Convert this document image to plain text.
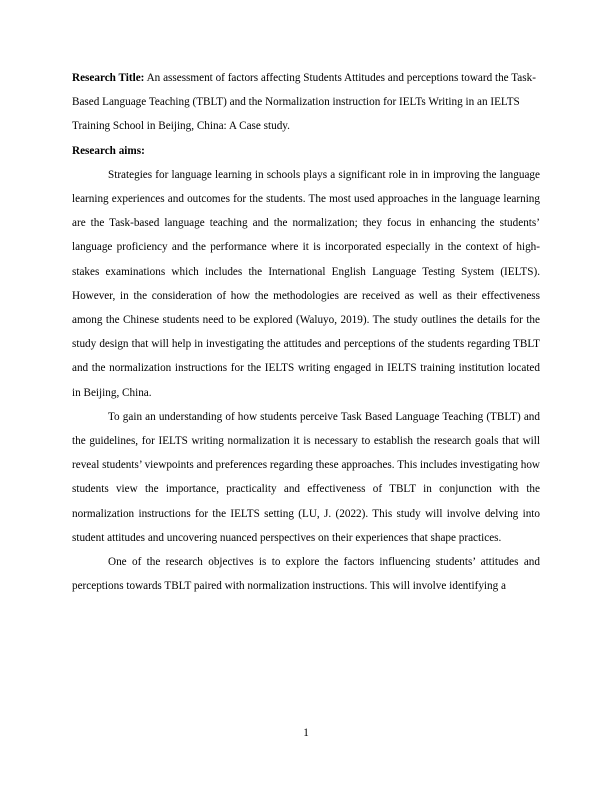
Research Title: An assessment of factors affecting Students Attitudes and perceptions toward the Task-Based Language Teaching (TBLT) and the Normalization instruction for IELTs Writing in an IELTS Training School in Beijing, China: A Case study.

Research aims:

Strategies for language learning in schools plays a significant role in in improving the language learning experiences and outcomes for the students. The most used approaches in the language learning are the Task-based language teaching and the normalization; they focus in enhancing the students’ language proficiency and the performance where it is incorporated especially in the context of high-stakes examinations which includes the International English Language Testing System (IELTS). However, in the consideration of how the methodologies are received as well as their effectiveness among the Chinese students need to be explored (Waluyo, 2019). The study outlines the details for the study design that will help in investigating the attitudes and perceptions of the students regarding TBLT and the normalization instructions for the IELTS writing engaged in IELTS training institution located in Beijing, China.

To gain an understanding of how students perceive Task Based Language Teaching (TBLT) and the guidelines, for IELTS writing normalization it is necessary to establish the research goals that will reveal students’ viewpoints and preferences regarding these approaches. This includes investigating how students view the importance, practicality and effectiveness of TBLT in conjunction with the normalization instructions for the IELTS setting (LU, J. (2022). This study will involve delving into student attitudes and uncovering nuanced perspectives on their experiences that shape practices.

One of the research objectives is to explore the factors influencing students’ attitudes and perceptions towards TBLT paired with normalization instructions. This will involve identifying a

1
